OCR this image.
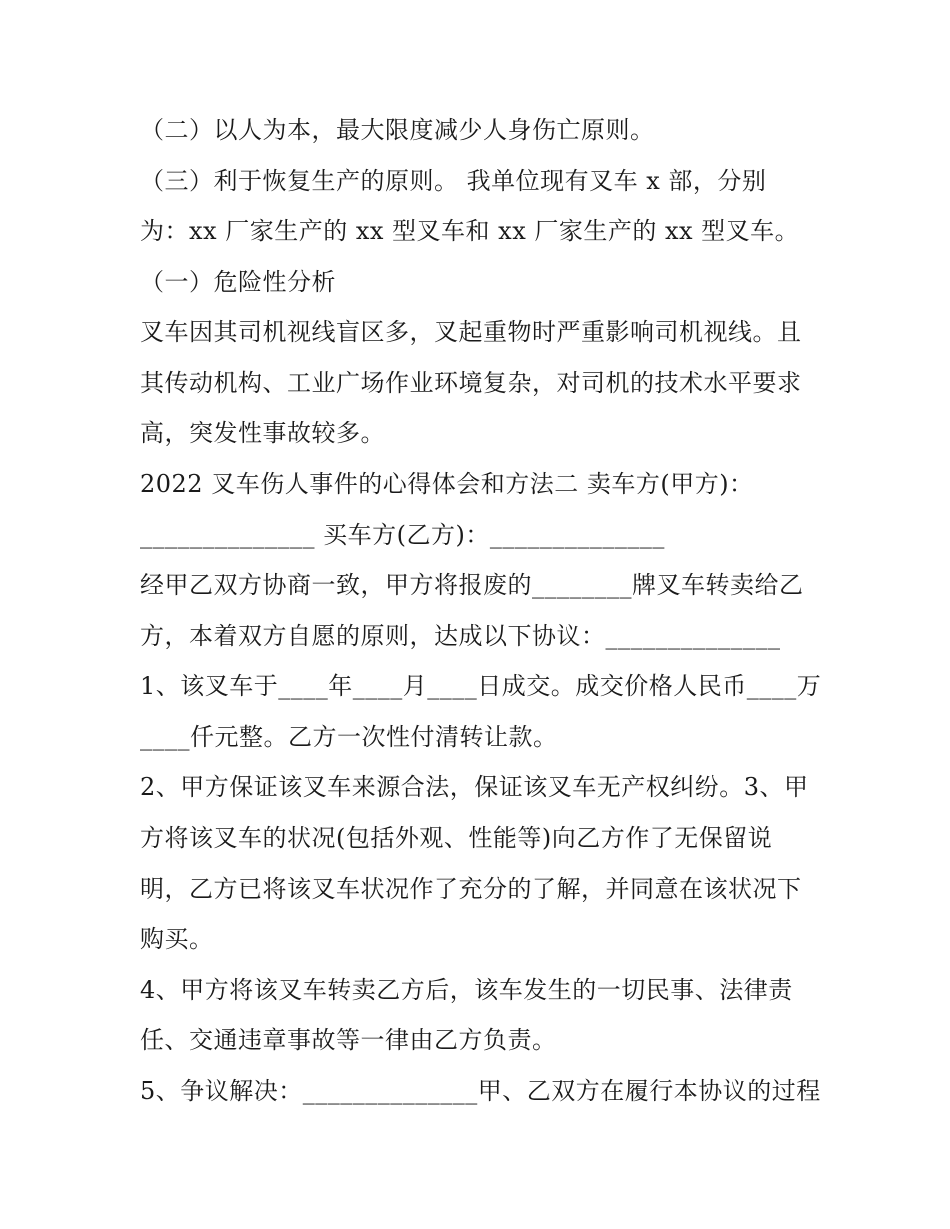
（二）以人为本，最大限度减少人身伤亡原则。
（三）利于恢复生产的原则。 我单位现有叉车 x 部，分别
为：xx 厂家生产的 xx 型叉车和 xx 厂家生产的 xx 型叉车。
（一）危险性分析
叉车因其司机视线盲区多，叉起重物时严重影响司机视线。且
其传动机构、工业广场作业环境复杂，对司机的技术水平要求
高，突发性事故较多。
2022 叉车伤人事件的心得体会和方法二 卖车方(甲方)：
______________ 买车方(乙方)：______________
经甲乙双方协商一致，甲方将报废的________牌叉车转卖给乙
方，本着双方自愿的原则，达成以下协议：______________
1、该叉车于____年____月____日成交。成交价格人民币____万
____仟元整。乙方一次性付清转让款。
2、甲方保证该叉车来源合法，保证该叉车无产权纠纷。3、甲
方将该叉车的状况(包括外观、性能等)向乙方作了无保留说
明，乙方已将该叉车状况作了充分的了解，并同意在该状况下
购买。
4、甲方将该叉车转卖乙方后，该车发生的一切民事、法律责
任、交通违章事故等一律由乙方负责。
5、争议解决：______________甲、乙双方在履行本协议的过程
